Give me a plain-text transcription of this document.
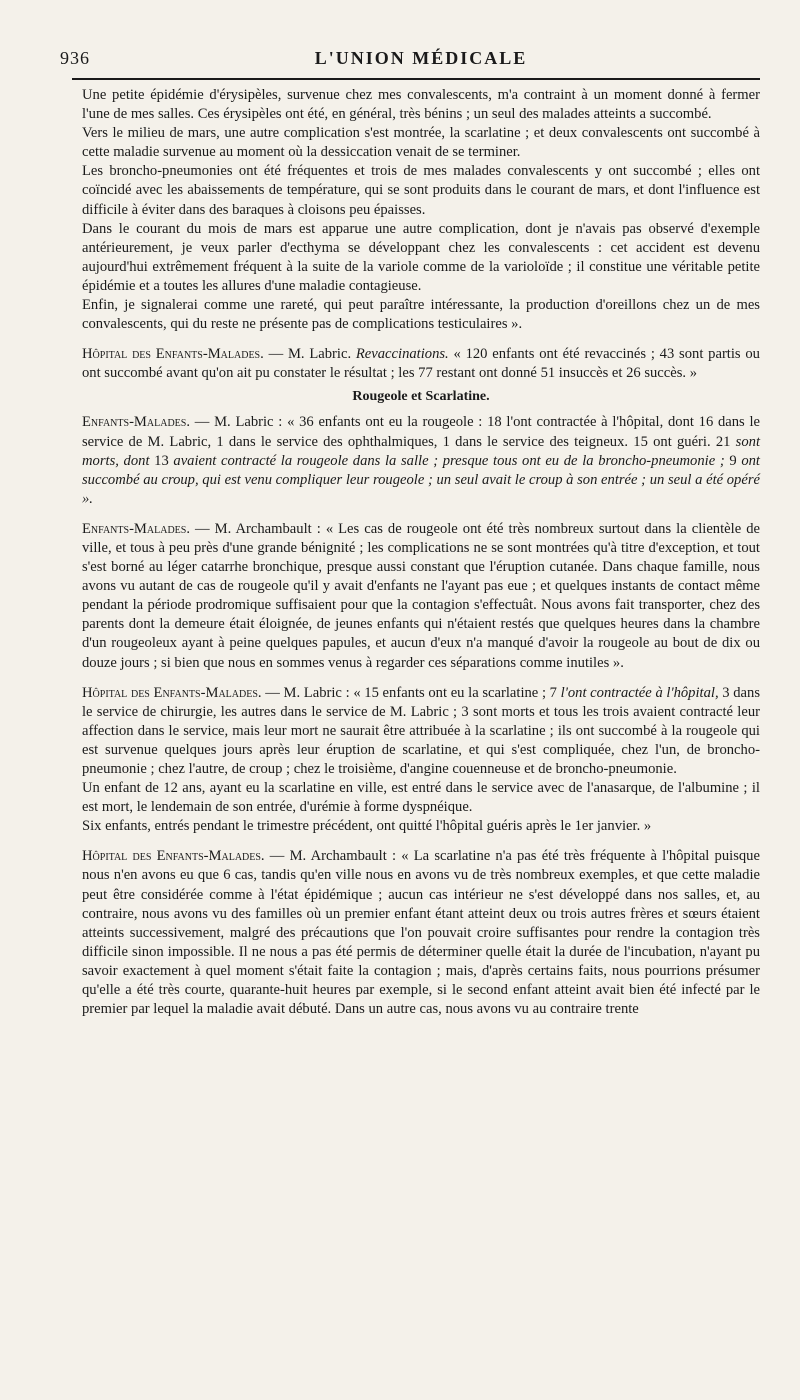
936	L'UNION MÉDICALE

Une petite épidémie d'érysipèles, survenue chez mes convalescents, m'a contraint à un moment donné à fermer l'une de mes salles. Ces érysipèles ont été, en général, très bénins ; un seul des malades atteints a succombé.

Vers le milieu de mars, une autre complication s'est montrée, la scarlatine ; et deux convalescents ont succombé à cette maladie survenue au moment où la dessiccation venait de se terminer.

Les broncho-pneumonies ont été fréquentes et trois de mes malades convalescents y ont succombé ; elles ont coïncidé avec les abaissements de température, qui se sont produits dans le courant de mars, et dont l'influence est difficile à éviter dans des baraques à cloisons peu épaisses.

Dans le courant du mois de mars est apparue une autre complication, dont je n'avais pas observé d'exemple antérieurement, je veux parler d'ecthyma se développant chez les convalescents : cet accident est devenu aujourd'hui extrêmement fréquent à la suite de la variole comme de la varioloïde ; il constitue une véritable petite épidémie et a toutes les allures d'une maladie contagieuse.

Enfin, je signalerai comme une rareté, qui peut paraître intéressante, la production d'oreillons chez un de mes convalescents, qui du reste ne présente pas de complications testiculaires ».

Hôpital des Enfants-Malades. — M. Labric. Revaccinations. « 120 enfants ont été revaccinés ; 43 sont partis ou ont succombé avant qu'on ait pu constater le résultat ; les 77 restant ont donné 51 insuccès et 26 succès. »

Rougeole et Scarlatine.

Enfants-Malades. — M. Labric : « 36 enfants ont eu la rougeole : 18 l'ont contractée à l'hôpital, dont 16 dans le service de M. Labric, 1 dans le service des ophthalmiques, 1 dans le service des teigneux. 15 ont guéri. 21 sont morts, dont 13 avaient contracté la rougeole dans la salle ; presque tous ont eu de la broncho-pneumonie ; 9 ont succombé au croup, qui est venu compliquer leur rougeole ; un seul avait le croup à son entrée ; un seul a été opéré ».

Enfants-Malades. — M. Archambault : « Les cas de rougeole ont été très nombreux surtout dans la clientèle de ville, et tous à peu près d'une grande bénignité ; les complications ne se sont montrées qu'à titre d'exception, et tout s'est borné au léger catarrhe bronchique, presque aussi constant que l'éruption cutanée. Dans chaque famille, nous avons vu autant de cas de rougeole qu'il y avait d'enfants ne l'ayant pas eue ; et quelques instants de contact même pendant la période prodromique suffisaient pour que la contagion s'effectuât. Nous avons fait transporter, chez des parents dont la demeure était éloignée, de jeunes enfants qui n'étaient restés que quelques heures dans la chambre d'un rougeoleux ayant à peine quelques papules, et aucun d'eux n'a manqué d'avoir la rougeole au bout de dix ou douze jours ; si bien que nous en sommes venus à regarder ces séparations comme inutiles ».

Hôpital des Enfants-Malades. — M. Labric : « 15 enfants ont eu la scarlatine ; 7 l'ont contractée à l'hôpital, 3 dans le service de chirurgie, les autres dans le service de M. Labric ; 3 sont morts et tous les trois avaient contracté leur affection dans le service, mais leur mort ne saurait être attribuée à la scarlatine ; ils ont succombé à la rougeole qui est survenue quelques jours après leur éruption de scarlatine, et qui s'est compliquée, chez l'un, de broncho-pneumonie ; chez l'autre, de croup ; chez le troisième, d'angine couenneuse et de broncho-pneumonie.

Un enfant de 12 ans, ayant eu la scarlatine en ville, est entré dans le service avec de l'anasarque, de l'albumine ; il est mort, le lendemain de son entrée, d'urémie à forme dyspnéique.

Six enfants, entrés pendant le trimestre précédent, ont quitté l'hôpital guéris après le 1er janvier. »

Hôpital des Enfants-Malades. — M. Archambault : « La scarlatine n'a pas été très fréquente à l'hôpital puisque nous n'en avons eu que 6 cas, tandis qu'en ville nous en avons vu de très nombreux exemples, et que cette maladie peut être considérée comme à l'état épidémique ; aucun cas intérieur ne s'est développé dans nos salles, et, au contraire, nous avons vu des familles où un premier enfant étant atteint deux ou trois autres frères et sœurs étaient atteints successivement, malgré des précautions que l'on pouvait croire suffisantes pour rendre la contagion très difficile sinon impossible. Il ne nous a pas été permis de déterminer quelle était la durée de l'incubation, n'ayant pu savoir exactement à quel moment s'était faite la contagion ; mais, d'après certains faits, nous pourrions présumer qu'elle a été très courte, quarante-huit heures par exemple, si le second enfant atteint avait bien été infecté par le premier par lequel la maladie avait débuté. Dans un autre cas, nous avons vu au contraire trente
